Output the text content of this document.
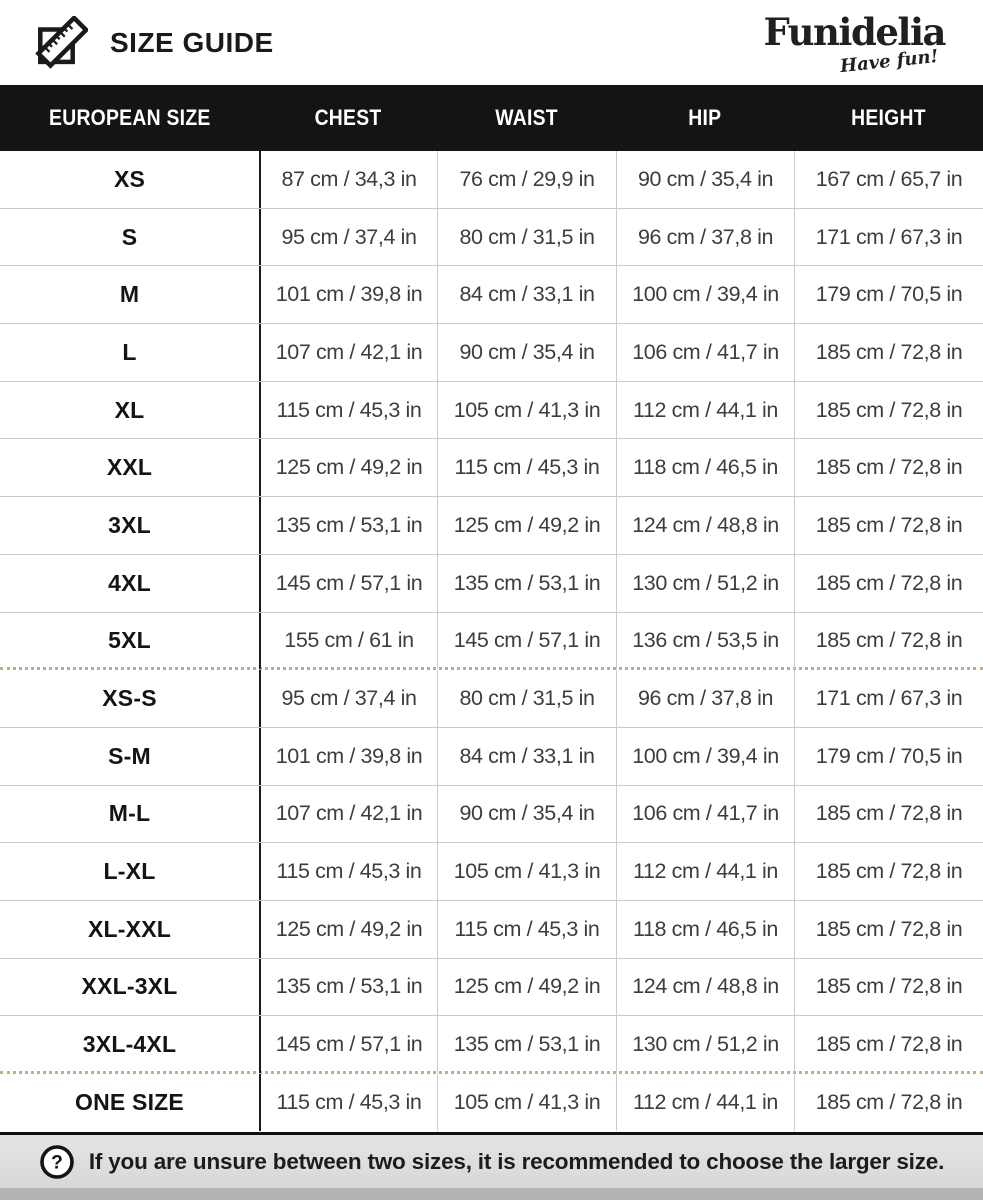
SIZE GUIDE	Funidelia
Have fun!
EUROPEAN SIZE	CHEST	WAIST	HIP	HEIGHT
XS	87 cm / 34,3 in	76 cm / 29,9 in	90 cm / 35,4 in	167 cm / 65,7 in
S	95 cm / 37,4 in	80 cm / 31,5 in	96 cm / 37,8 in	171 cm / 67,3 in
M	101 cm / 39,8 in	84 cm / 33,1 in	100 cm / 39,4 in	179 cm / 70,5 in
L	107 cm / 42,1 in	90 cm / 35,4 in	106 cm / 41,7 in	185 cm / 72,8 in
XL	115 cm / 45,3 in	105 cm / 41,3 in	112 cm / 44,1 in	185 cm / 72,8 in
XXL	125 cm / 49,2 in	115 cm / 45,3 in	118 cm / 46,5 in	185 cm / 72,8 in
3XL	135 cm / 53,1 in	125 cm / 49,2 in	124 cm / 48,8 in	185 cm / 72,8 in
4XL	145 cm / 57,1 in	135 cm / 53,1 in	130 cm / 51,2 in	185 cm / 72,8 in
5XL	155 cm / 61 in	145 cm / 57,1 in	136 cm / 53,5 in	185 cm / 72,8 in
XS-S	95 cm / 37,4 in	80 cm / 31,5 in	96 cm / 37,8 in	171 cm / 67,3 in
S-M	101 cm / 39,8 in	84 cm / 33,1 in	100 cm / 39,4 in	179 cm / 70,5 in
M-L	107 cm / 42,1 in	90 cm / 35,4 in	106 cm / 41,7 in	185 cm / 72,8 in
L-XL	115 cm / 45,3 in	105 cm / 41,3 in	112 cm / 44,1 in	185 cm / 72,8 in
XL-XXL	125 cm / 49,2 in	115 cm / 45,3 in	118 cm / 46,5 in	185 cm / 72,8 in
XXL-3XL	135 cm / 53,1 in	125 cm / 49,2 in	124 cm / 48,8 in	185 cm / 72,8 in
3XL-4XL	145 cm / 57,1 in	135 cm / 53,1 in	130 cm / 51,2 in	185 cm / 72,8 in
ONE SIZE	115 cm / 45,3 in	105 cm / 41,3 in	112 cm / 44,1 in	185 cm / 72,8 in
? If you are unsure between two sizes, it is recommended to choose the larger size.
